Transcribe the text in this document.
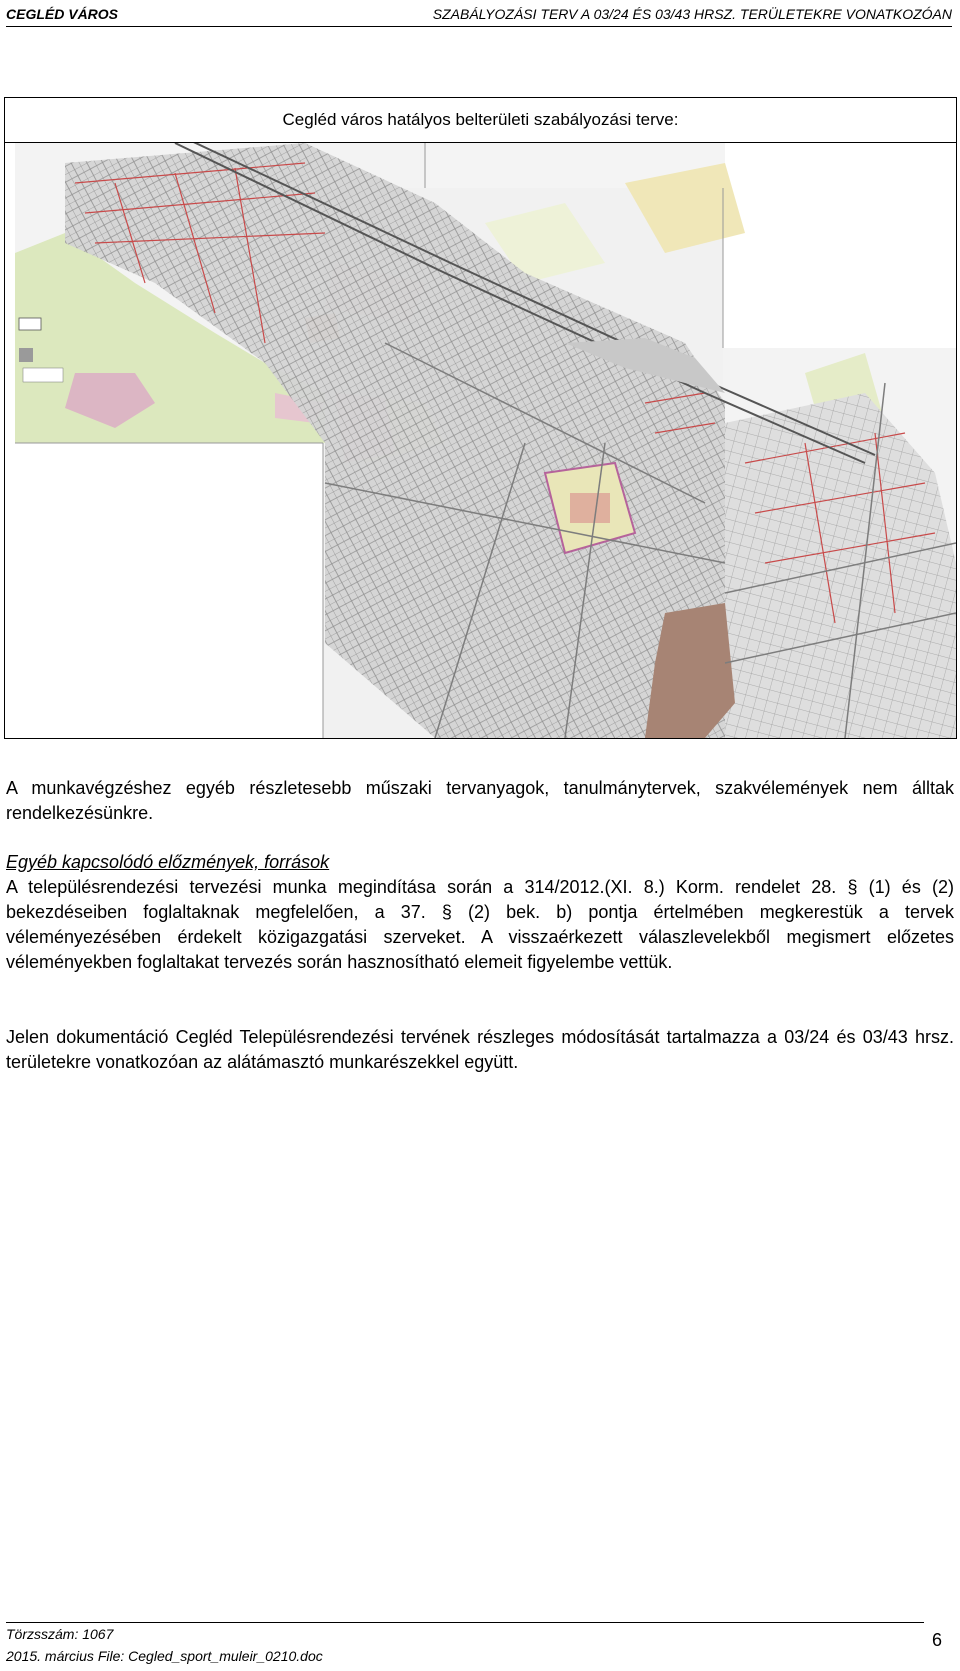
CEGLÉD VÁROS	SZABÁLYOZÁSI TERV A 03/24 ÉS 03/43 HRSZ. TERÜLETEKRE VONATKOZÓAN
Cegléd város hatályos belterületi szabályozási terve:
A munkavégzéshez egyéb részletesebb műszaki tervanyagok, tanulmánytervek, szakvélemények nem álltak rendelkezésünkre.
Egyéb kapcsolódó előzmények, források
A településrendezési tervezési munka megindítása során a 314/2012.(XI. 8.) Korm. rendelet 28. § (1) és (2) bekezdéseiben foglaltaknak megfelelően, a 37. § (2) bek. b) pontja értelmében megkerestük a tervek véleményezésében érdekelt közigazgatási szerveket. A visszaérkezett válaszlevelekből megismert előzetes véleményekben foglaltakat tervezés során hasznosítható elemeit figyelembe vettük.
Jelen dokumentáció Cegléd Településrendezési tervének részleges módosítását tartalmazza a 03/24 és 03/43 hrsz. területekre vonatkozóan az alátámasztó munkarészekkel együtt.
Törzsszám: 1067
2015. március File: Cegled_sport_muleir_0210.doc
6
